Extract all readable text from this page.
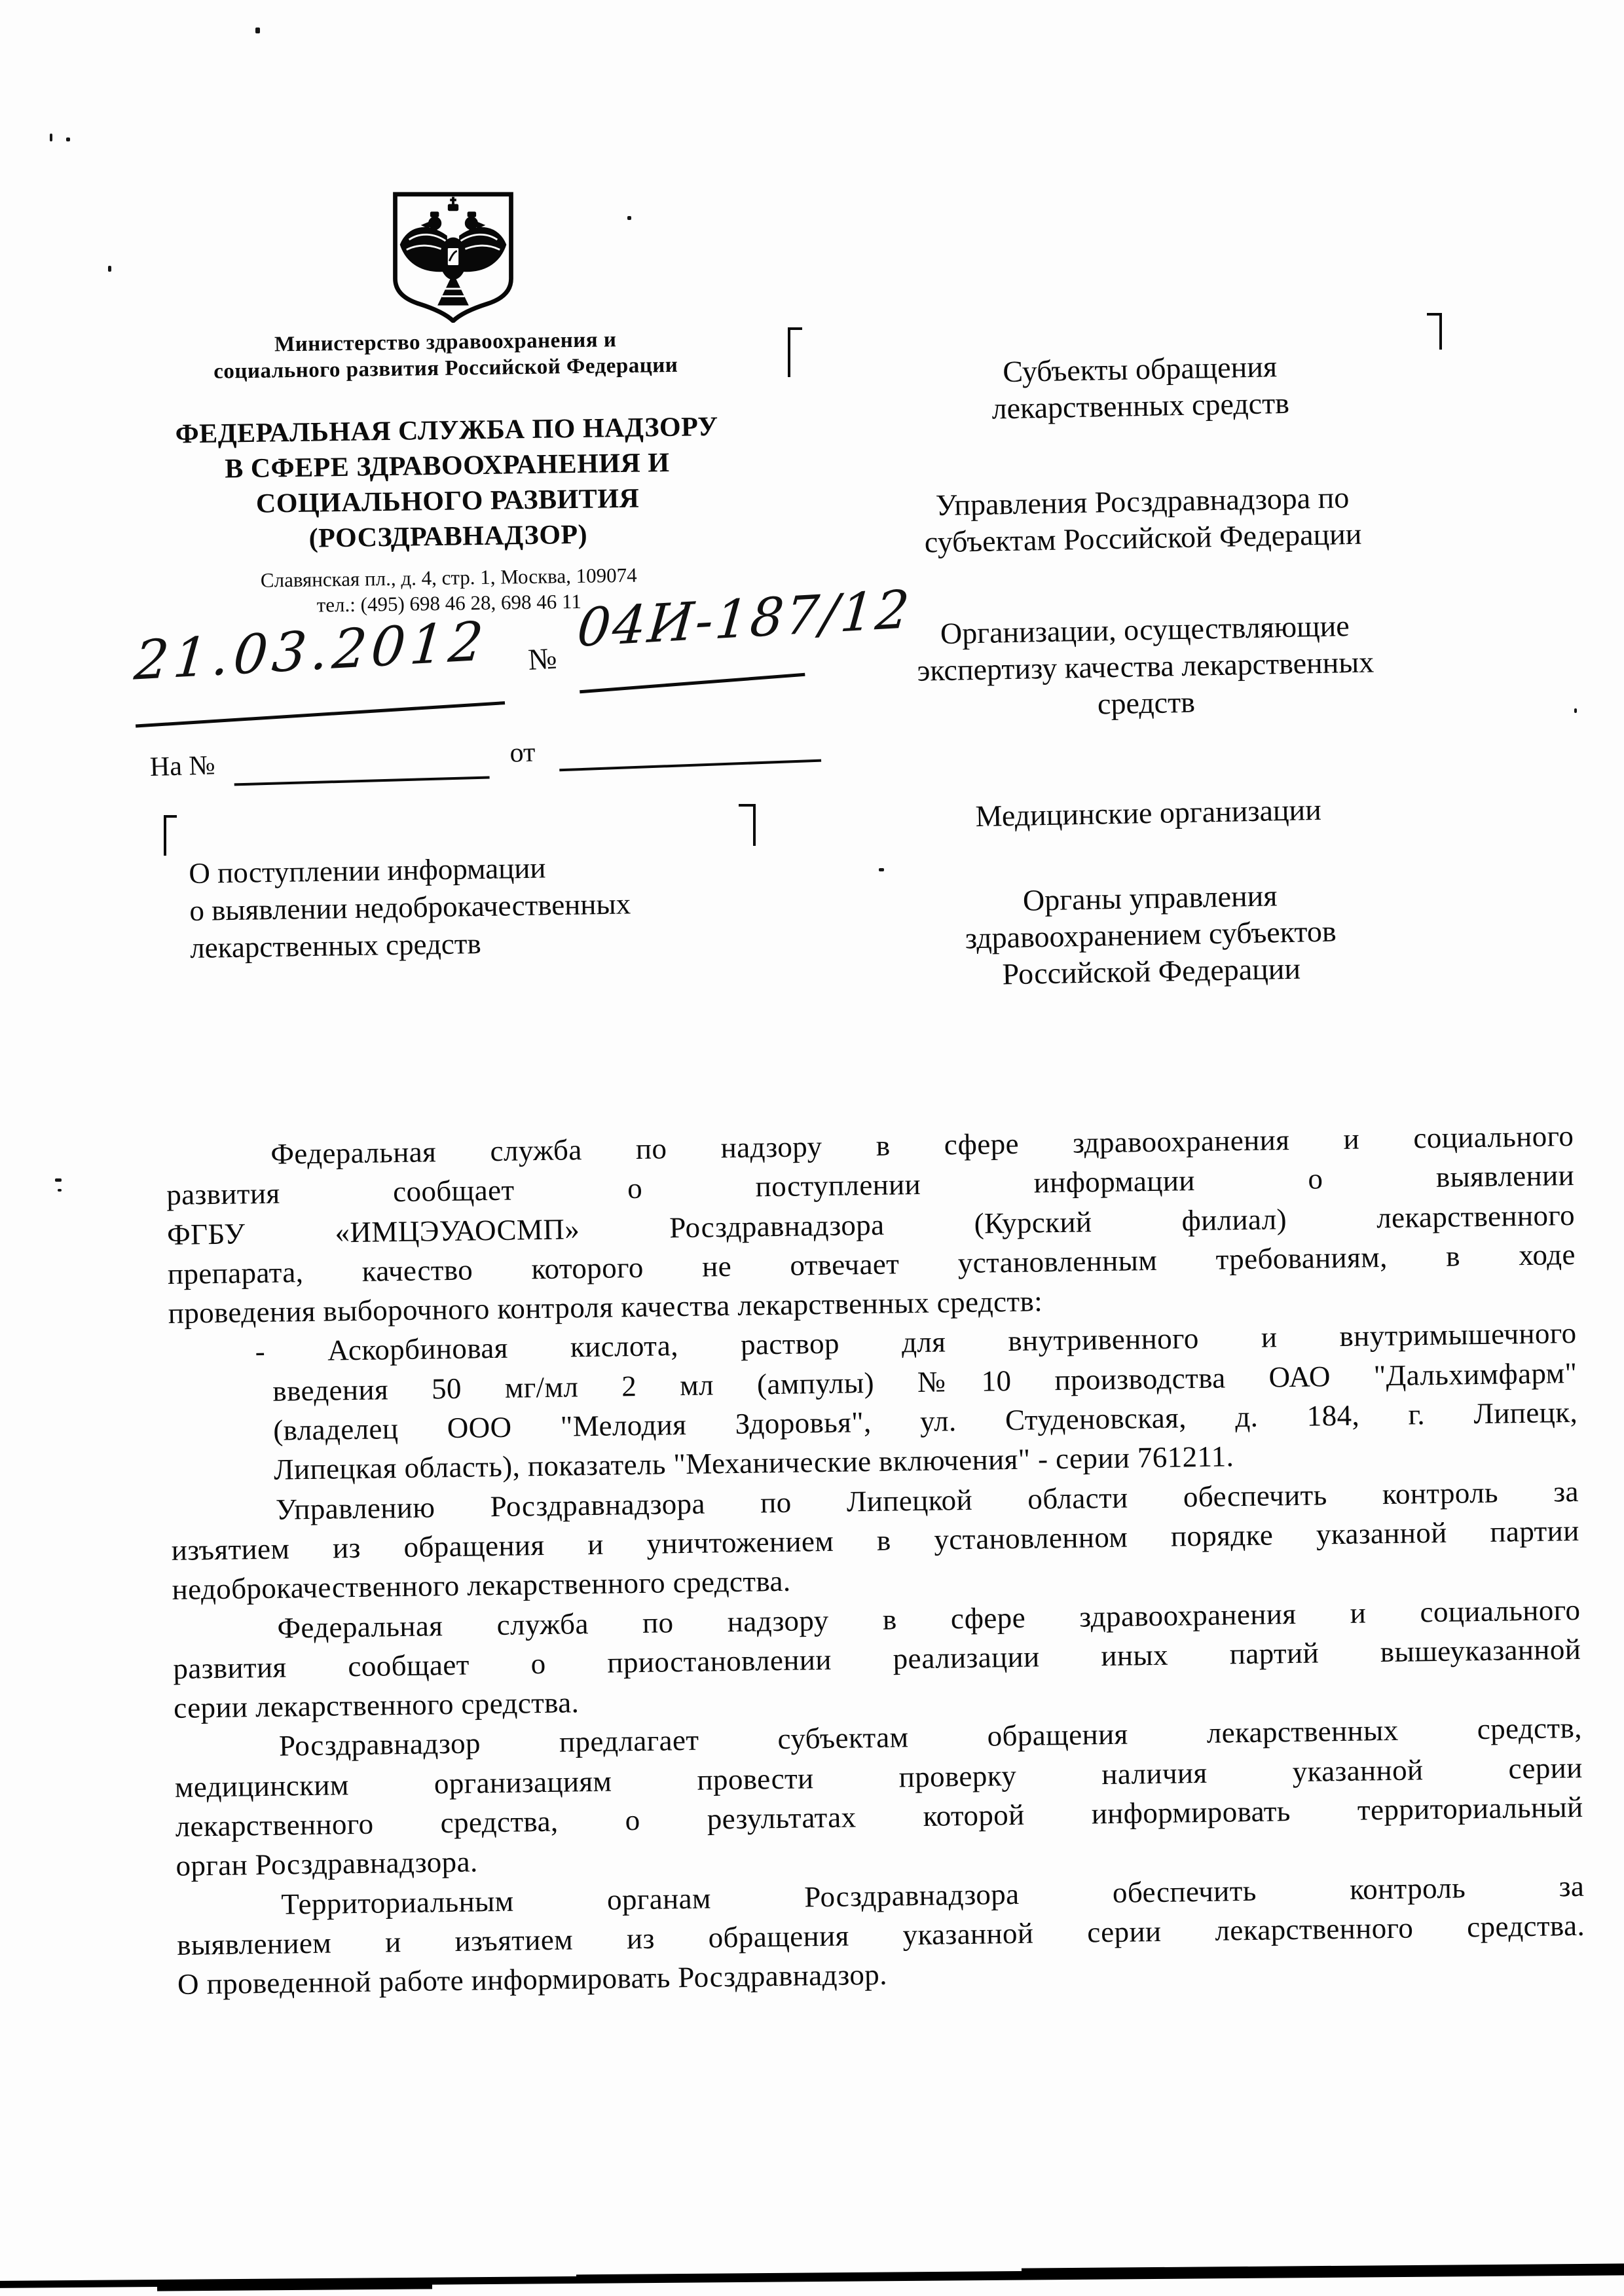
Министерство здравоохранения и
социального развития Российской Федерации
ФЕДЕРАЛЬНАЯ СЛУЖБА ПО НАДЗОРУ
В СФЕРЕ ЗДРАВООХРАНЕНИЯ И
СОЦИАЛЬНОГО РАЗВИТИЯ
(РОСЗДРАВНАДЗОР)
Славянская пл., д. 4, стр. 1, Москва, 109074
тел.: (495) 698 46 28, 698 46 11
21.03.2012 №
04И-187/12
На №	от
О поступлении информации
о выявлении недоброкачественных
лекарственных средств
Субъекты обращения
лекарственных средств
Управления Росздравнадзора по
субъектам Российской Федерации
Организации, осуществляющие
экспертизу качества лекарственных
средств
Медицинские организации
Органы управления
здравоохранением субъектов
Российской Федерации
Федеральная служба по надзору в сфере здравоохранения и социального
развития сообщает о поступлении информации о выявлении
ФГБУ «ИМЦЭУАОСМП» Росздравнадзора (Курский филиал) лекарственного
препарата, качество которого не отвечает установленным требованиям, в ходе
проведения выборочного контроля качества лекарственных средств:
- Аскорбиновая кислота, раствор для внутривенного и внутримышечного
введения 50 мг/мл 2 мл (ампулы) №10 производства ОАО "Дальхимфарм"
(владелец ООО "Мелодия Здоровья", ул. Студеновская, д. 184, г. Липецк,
Липецкая область), показатель "Механические включения" - серии 761211.
Управлению Росздравнадзора по Липецкой области обеспечить контроль за
изъятием из обращения и уничтожением в установленном порядке указанной партии
недоброкачественного лекарственного средства.
Федеральная служба по надзору в сфере здравоохранения и социального
развития сообщает о приостановлении реализации иных партий вышеуказанной
серии лекарственного средства.
Росздравнадзор предлагает субъектам обращения лекарственных средств,
медицинским организациям провести проверку наличия указанной серии
лекарственного средства, о результатах которой информировать территориальный
орган Росздравнадзора.
Территориальным органам Росздравнадзора обеспечить контроль за
выявлением и изъятием из обращения указанной серии лекарственного средства.
О проведенной работе информировать Росздравнадзор.
